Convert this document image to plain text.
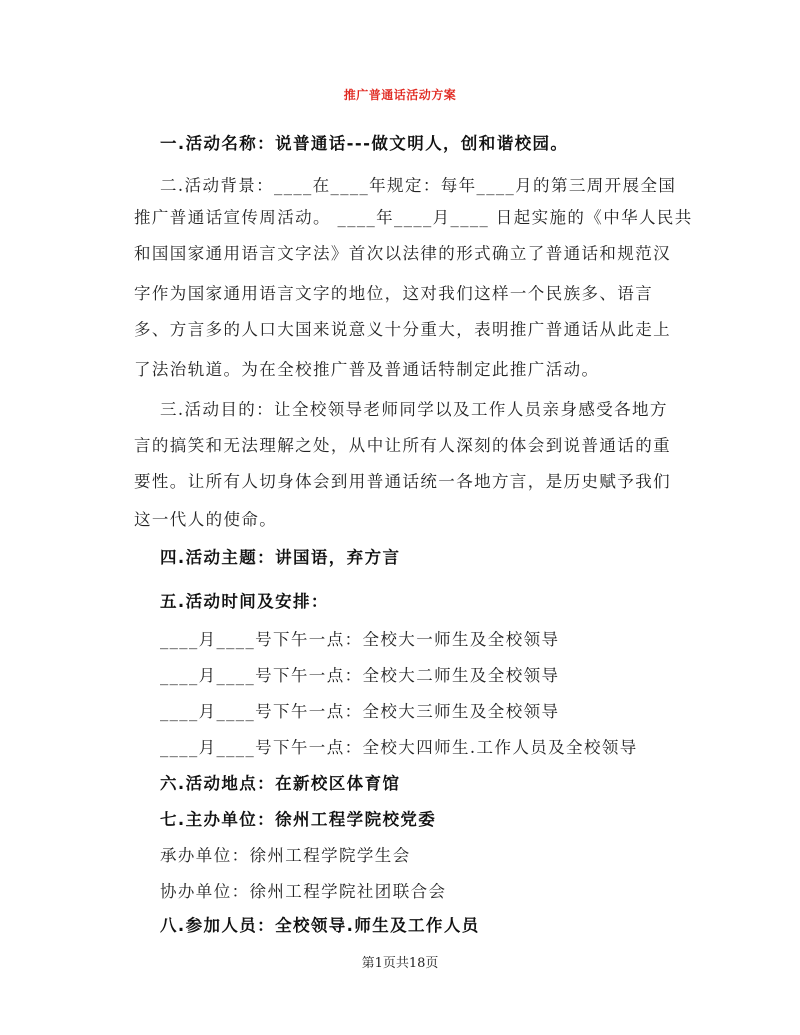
推广普通话活动方案
一.活动名称：说普通话---做文明人，创和谐校园。
二.活动背景：____在____年规定：每年____月的第三周开展全国
推广普通话宣传周活动。 ____年____月____ 日起实施的《中华人民共
和国国家通用语言文字法》首次以法律的形式确立了普通话和规范汉
字作为国家通用语言文字的地位，这对我们这样一个民族多、语言
多、方言多的人口大国来说意义十分重大，表明推广普通话从此走上
了法治轨道。为在全校推广普及普通话特制定此推广活动。
三.活动目的：让全校领导老师同学以及工作人员亲身感受各地方
言的搞笑和无法理解之处，从中让所有人深刻的体会到说普通话的重
要性。让所有人切身体会到用普通话统一各地方言，是历史赋予我们
这一代人的使命。
四.活动主题：讲国语，弃方言
五.活动时间及安排：
____月____号下午一点：全校大一师生及全校领导
____月____号下午一点：全校大二师生及全校领导
____月____号下午一点：全校大三师生及全校领导
____月____号下午一点：全校大四师生.工作人员及全校领导
六.活动地点：在新校区体育馆
七.主办单位：徐州工程学院校党委
承办单位：徐州工程学院学生会
协办单位：徐州工程学院社团联合会
八.参加人员：全校领导.师生及工作人员
第1页共18页
